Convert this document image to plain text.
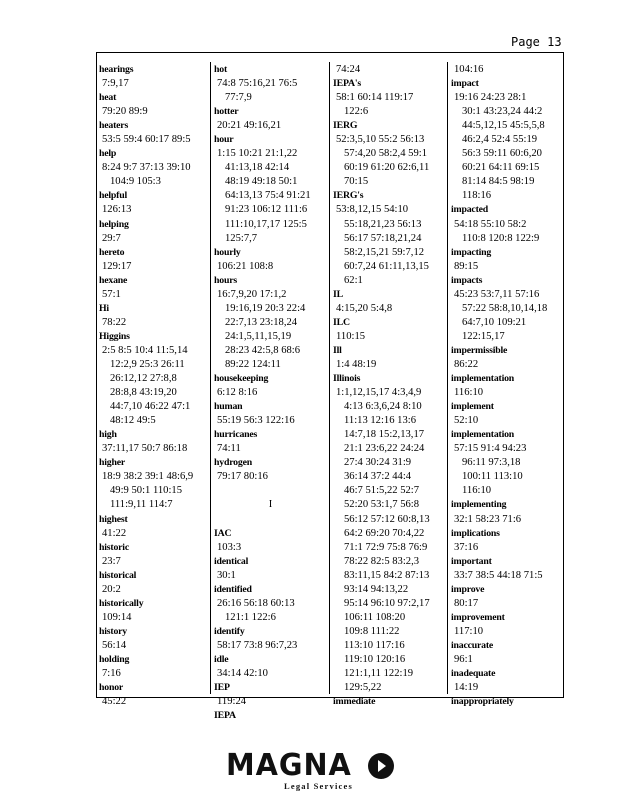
Page 13
hearings
7:9,17
heat
79:20 89:9
heaters
53:5 59:4 60:17 89:5
help
8:24 9:7 37:13 39:10
104:9 105:3
helpful
126:13
helping
29:7
hereto
129:17
hexane
57:1
Hi
78:22
Higgins
2:5 8:5 10:4 11:5,14
12:2,9 25:3 26:11
26:12,12 27:8,8
28:8,8 43:19,20
44:7,10 46:22 47:1
48:12 49:5
high
37:11,17 50:7 86:18
higher
18:9 38:2 39:1 48:6,9
49:9 50:1 110:15
111:9,11 114:7
highest
41:22
historic
23:7
historical
20:2
historically
109:14
history
56:14
holding
7:16
honor
45:22
hot
74:8 75:16,21 76:5
77:7,9
hotter
20:21 49:16,21
hour
1:15 10:21 21:1,22
41:13,18 42:14
48:19 49:18 50:1
64:13,13 75:4 91:21
91:23 106:12 111:6
111:10,17,17 125:5
125:7,7
hourly
106:21 108:8
hours
16:7,9,20 17:1,2
19:16,19 20:3 22:4
22:7,13 23:18,24
24:1,5,11,15,19
28:23 42:5,8 68:6
89:22 124:11
housekeeping
6:12 8:16
human
55:19 56:3 122:16
hurricanes
74:11
hydrogen
79:17 80:16
I
IAC
103:3
identical
30:1
identified
26:16 56:18 60:13
121:1 122:6
identify
58:17 73:8 96:7,23
idle
34:14 42:10
IEP
119:24
IEPA
74:24
IEPA's
58:1 60:14 119:17
122:6
IERG
52:3,5,10 55:2 56:13
57:4,20 58:2,4 59:1
60:19 61:20 62:6,11
70:15
IERG's
53:8,12,15 54:10
55:18,21,23 56:13
56:17 57:18,21,24
58:2,15,21 59:7,12
60:7,24 61:11,13,15
62:1
IL
4:15,20 5:4,8
ILC
110:15
Ill
1:4 48:19
Illinois
1:1,12,15,17 4:3,4,9
4:13 6:3,6,24 8:10
11:13 12:16 13:6
14:7,18 15:2,13,17
21:1 23:6,22 24:24
27:4 30:24 31:9
36:14 37:2 44:4
46:7 51:5,22 52:7
52:20 53:1,7 56:8
56:12 57:12 60:8,13
64:2 69:20 70:4,22
71:1 72:9 75:8 76:9
78:22 82:5 83:2,3
83:11,15 84:2 87:13
93:14 94:13,22
95:14 96:10 97:2,17
106:11 108:20
109:8 111:22
113:10 117:16
119:10 120:16
121:1,11 122:19
129:5,22
immediate
104:16
impact
19:16 24:23 28:1
30:1 43:23,24 44:2
44:5,12,15 45:5,5,8
46:2,4 52:4 55:19
56:3 59:11 60:6,20
60:21 64:11 69:15
81:14 84:5 98:19
118:16
impacted
54:18 55:10 58:2
110:8 120:8 122:9
impacting
89:15
impacts
45:23 53:7,11 57:16
57:22 58:8,10,14,18
64:7,10 109:21
122:15,17
impermissible
86:22
implementation
116:10
implement
52:10
implementation
57:15 91:4 94:23
96:11 97:3,18
100:11 113:10
116:10
implementing
32:1 58:23 71:6
implications
37:16
important
33:7 38:5 44:18 71:5
improve
80:17
improvement
117:10
inaccurate
96:1
inadequate
14:19
inappropriately
MAGNA
Legal Services
